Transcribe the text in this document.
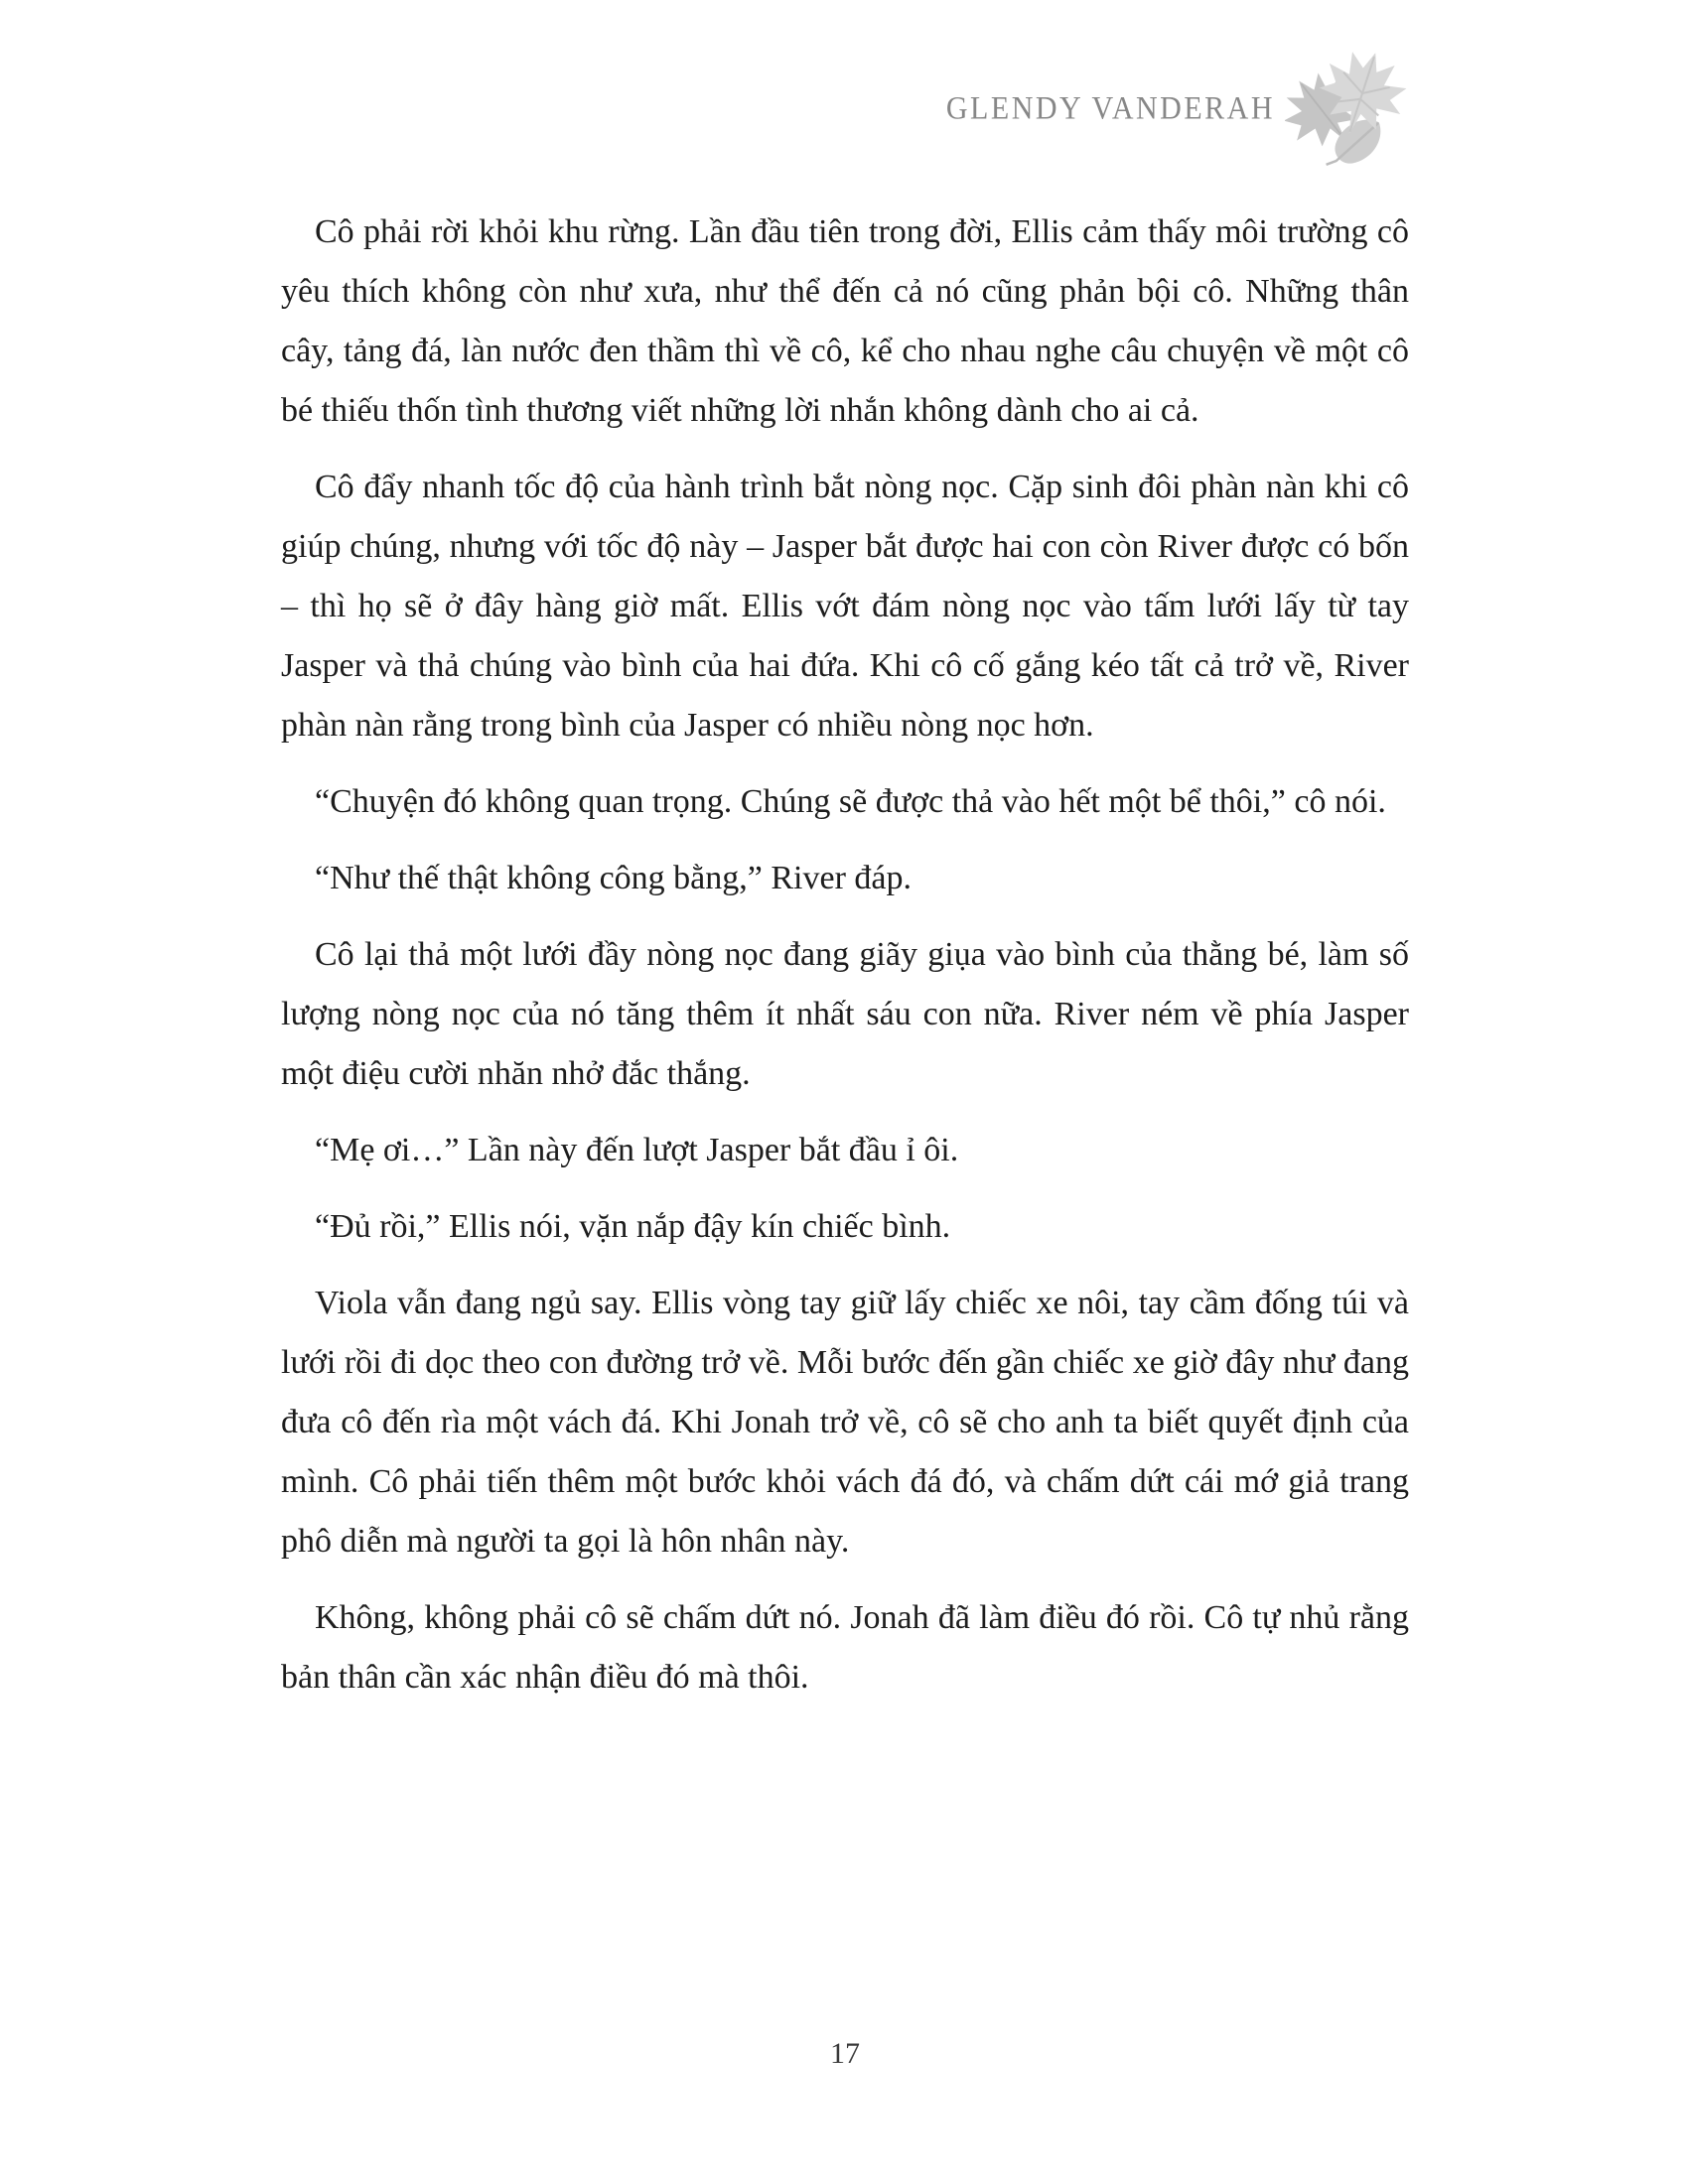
GLENDY VANDERAH

Cô phải rời khỏi khu rừng. Lần đầu tiên trong đời, Ellis cảm thấy môi trường cô yêu thích không còn như xưa, như thể đến cả nó cũng phản bội cô. Những thân cây, tảng đá, làn nước đen thầm thì về cô, kể cho nhau nghe câu chuyện về một cô bé thiếu thốn tình thương viết những lời nhắn không dành cho ai cả.

Cô đẩy nhanh tốc độ của hành trình bắt nòng nọc. Cặp sinh đôi phàn nàn khi cô giúp chúng, nhưng với tốc độ này – Jasper bắt được hai con còn River được có bốn – thì họ sẽ ở đây hàng giờ mất. Ellis vớt đám nòng nọc vào tấm lưới lấy từ tay Jasper và thả chúng vào bình của hai đứa. Khi cô cố gắng kéo tất cả trở về, River phàn nàn rằng trong bình của Jasper có nhiều nòng nọc hơn.

“Chuyện đó không quan trọng. Chúng sẽ được thả vào hết một bể thôi,” cô nói.

“Như thế thật không công bằng,” River đáp.

Cô lại thả một lưới đầy nòng nọc đang giãy giụa vào bình của thằng bé, làm số lượng nòng nọc của nó tăng thêm ít nhất sáu con nữa. River ném về phía Jasper một điệu cười nhăn nhở đắc thắng.

“Mẹ ơi…” Lần này đến lượt Jasper bắt đầu ỉ ôi.

“Đủ rồi,” Ellis nói, vặn nắp đậy kín chiếc bình.

Viola vẫn đang ngủ say. Ellis vòng tay giữ lấy chiếc xe nôi, tay cầm đống túi và lưới rồi đi dọc theo con đường trở về. Mỗi bước đến gần chiếc xe giờ đây như đang đưa cô đến rìa một vách đá. Khi Jonah trở về, cô sẽ cho anh ta biết quyết định của mình. Cô phải tiến thêm một bước khỏi vách đá đó, và chấm dứt cái mớ giả trang phô diễn mà người ta gọi là hôn nhân này.

Không, không phải cô sẽ chấm dứt nó. Jonah đã làm điều đó rồi. Cô tự nhủ rằng bản thân cần xác nhận điều đó mà thôi.

17
